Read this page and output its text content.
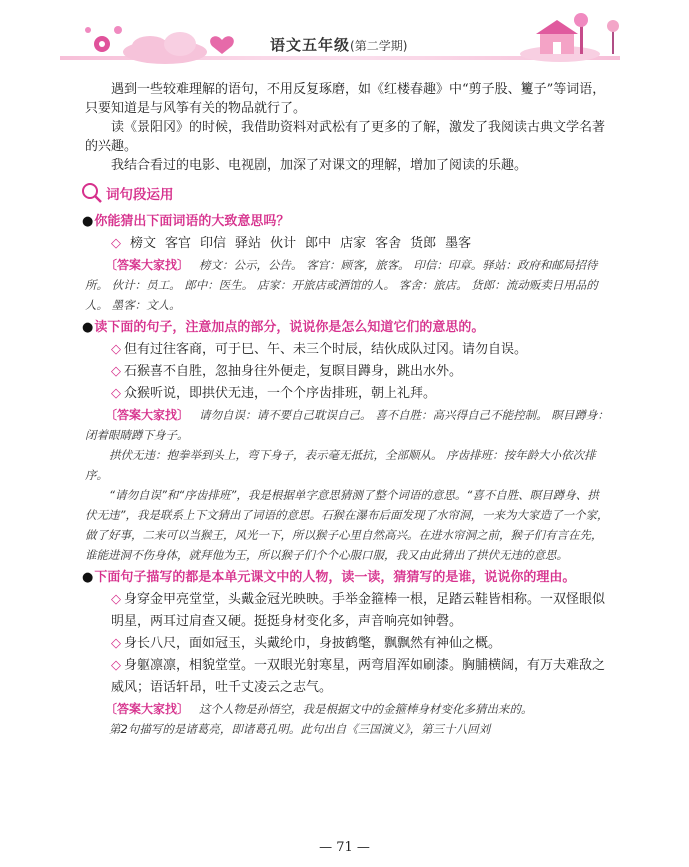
语文五年级(第二学期)

遇到一些较难理解的语句，不用反复琢磨，如《红楼春趣》中“剪子股、籰子”等词语，只要知道是与风筝有关的物品就行了。

读《景阳冈》的时候，我借助资料对武松有了更多的了解，激发了我阅读古典文学名著的兴趣。

我结合看过的电影、电视剧，加深了对课文的理解，增加了阅读的乐趣。

词句段运用
●你能猜出下面词语的大致意思吗？
◇ 榜文 客官 印信 驿站 伙计 郎中 店家 客舍 货郎 墨客

〔答案大家找〕 榜文：公示，公告。 客官：顾客，旅客。 印信：印章。驿站：政府和邮局招待所。 伙计：员工。 郎中：医生。 店家：开旅店或酒馆的人。 客舍：旅店。 货郎：流动贩卖日用品的人。 墨客：文人。

●读下面的句子，注意加点的部分，说说你是怎么知道它们的意思的。
◇ 但有过往客商，可于巳、午、未三个时辰，结伙成队过冈。请勿自误。
◇ 石猴喜不自胜，忽抽身往外便走，复瞑目蹲身，跳出水外。
◇ 众猴听说，即拱伏无违，一个个序齿排班，朝上礼拜。

〔答案大家找〕 请勿自误：请不要自己耽误自己。 喜不自胜：高兴得自己不能控制。 瞑目蹲身：闭着眼睛蹲下身子。

拱伏无违：抱拳举到头上，弯下身子，表示毫无抵抗，全部顺从。 序齿排班：按年龄大小依次排序。

“请勿自误”和“序齿排班”，我是根据单字意思猜测了整个词语的意思。“喜不自胜、瞑目蹲身、拱伏无违”，我是联系上下文猜出了词语的意思。石猴在瀑布后面发现了水帘洞，一来为大家造了一个家，做了好事，二来可以当猴王，风光一下，所以猴子心里自然高兴。在进水帘洞之前，猴子们有言在先，谁能进洞不伤身体，就拜他为王，所以猴子们个个心服口服，我又由此猜出了拱伏无违的意思。

●下面句子描写的都是本单元课文中的人物，读一读，猜猜写的是谁，说说你的理由。
◇ 身穿金甲亮堂堂，头戴金冠光映映。手举金箍棒一根，足踏云鞋皆相称。一双怪眼似明星，两耳过肩查又硬。挺挺身材变化多，声音响亮如钟磬。
◇ 身长八尺，面如冠玉，头戴纶巾，身披鹤氅，飘飘然有神仙之概。
◇ 身躯凛凛，相貌堂堂。一双眼光射寒星，两弯眉浑如刷漆。胸脯横阔，有万夫难敌之威风；语话轩昂，吐千丈凌云之志气。

〔答案大家找〕 这个人物是孙悟空，我是根据文中的金箍棒身材变化多猜出来的。

第2句描写的是诸葛亮，即诸葛孔明。此句出自《三国演义》，第三十八回刘

— 71 —
